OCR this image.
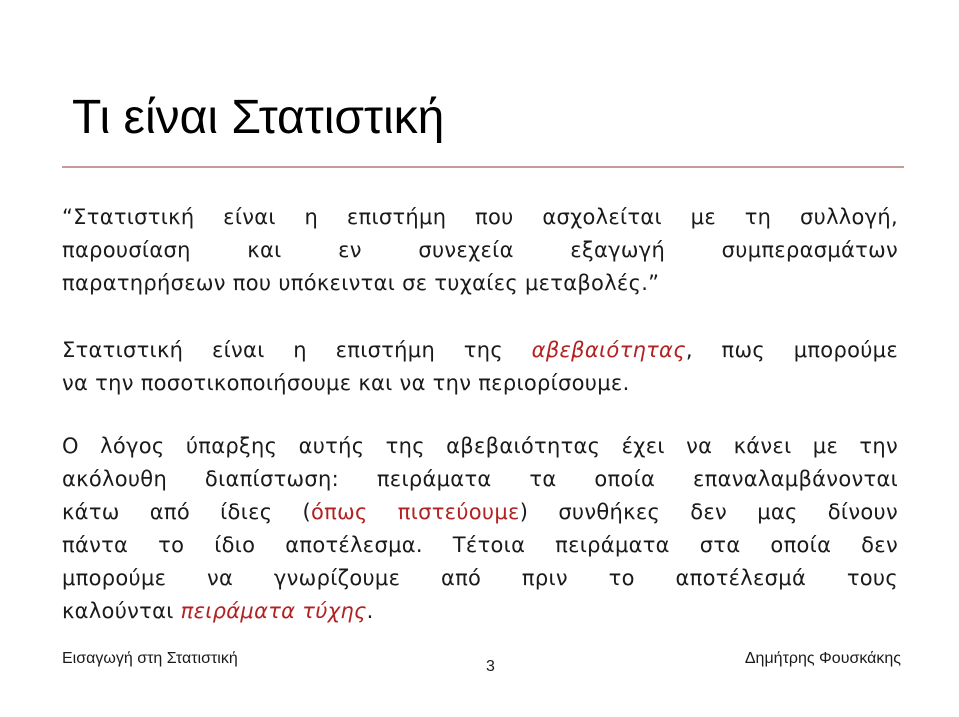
Τι είναι Στατιστική
“Στατιστική είναι η επιστήμη που ασχολείται με τη συλλογή,
παρουσίαση και εν συνεχεία εξαγωγή συμπερασμάτων
παρατηρήσεων που υπόκεινται σε τυχαίες μεταβολές.”
Στατιστική είναι η επιστήμη της αβεβαιότητας, πως μπορούμε
να την ποσοτικοποιήσουμε και να την περιορίσουμε.
Ο λόγος ύπαρξης αυτής της αβεβαιότητας έχει να κάνει με την
ακόλουθη διαπίστωση: πειράματα τα οποία επαναλαμβάνονται
κάτω από ίδιες (όπως πιστεύουμε) συνθήκες δεν μας δίνουν
πάντα το ίδιο αποτέλεσμα. Τέτοια πειράματα στα οποία δεν
μπορούμε να γνωρίζουμε από πριν το αποτέλεσμά τους
καλούνται πειράματα τύχης.
Εισαγωγή στη Στατιστική	3	Δημήτρης Φουσκάκης
